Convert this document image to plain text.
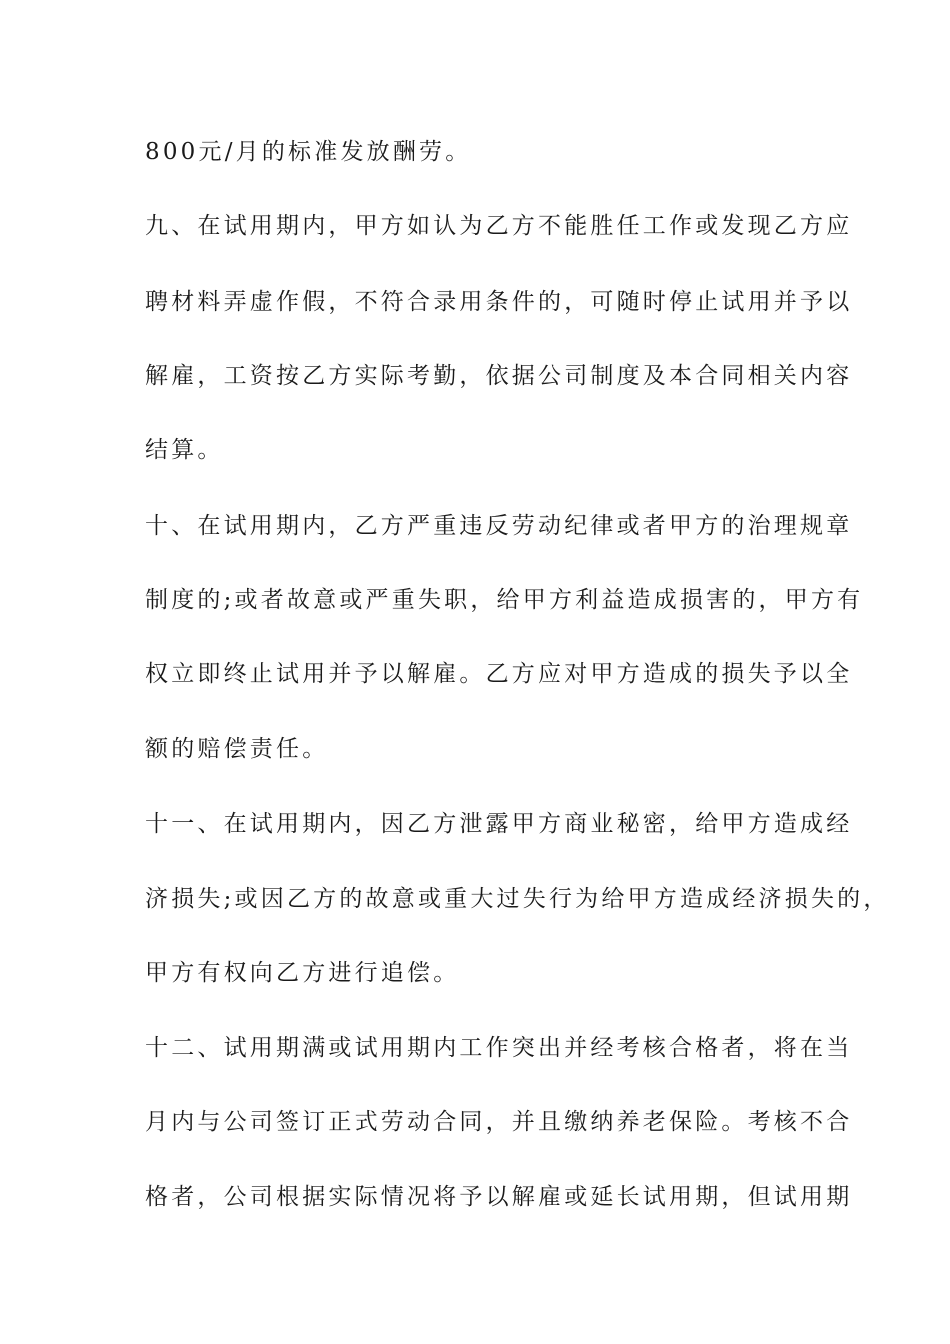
800元/月的标准发放酬劳。
九、在试用期内，甲方如认为乙方不能胜任工作或发现乙方应
聘材料弄虚作假，不符合录用条件的，可随时停止试用并予以
解雇，工资按乙方实际考勤，依据公司制度及本合同相关内容
结算。
十、在试用期内，乙方严重违反劳动纪律或者甲方的治理规章
制度的;或者故意或严重失职，给甲方利益造成损害的，甲方有
权立即终止试用并予以解雇。乙方应对甲方造成的损失予以全
额的赔偿责任。
十一、在试用期内，因乙方泄露甲方商业秘密，给甲方造成经
济损失;或因乙方的故意或重大过失行为给甲方造成经济损失的，
甲方有权向乙方进行追偿。
十二、试用期满或试用期内工作突出并经考核合格者，将在当
月内与公司签订正式劳动合同，并且缴纳养老保险。考核不合
格者，公司根据实际情况将予以解雇或延长试用期，但试用期
